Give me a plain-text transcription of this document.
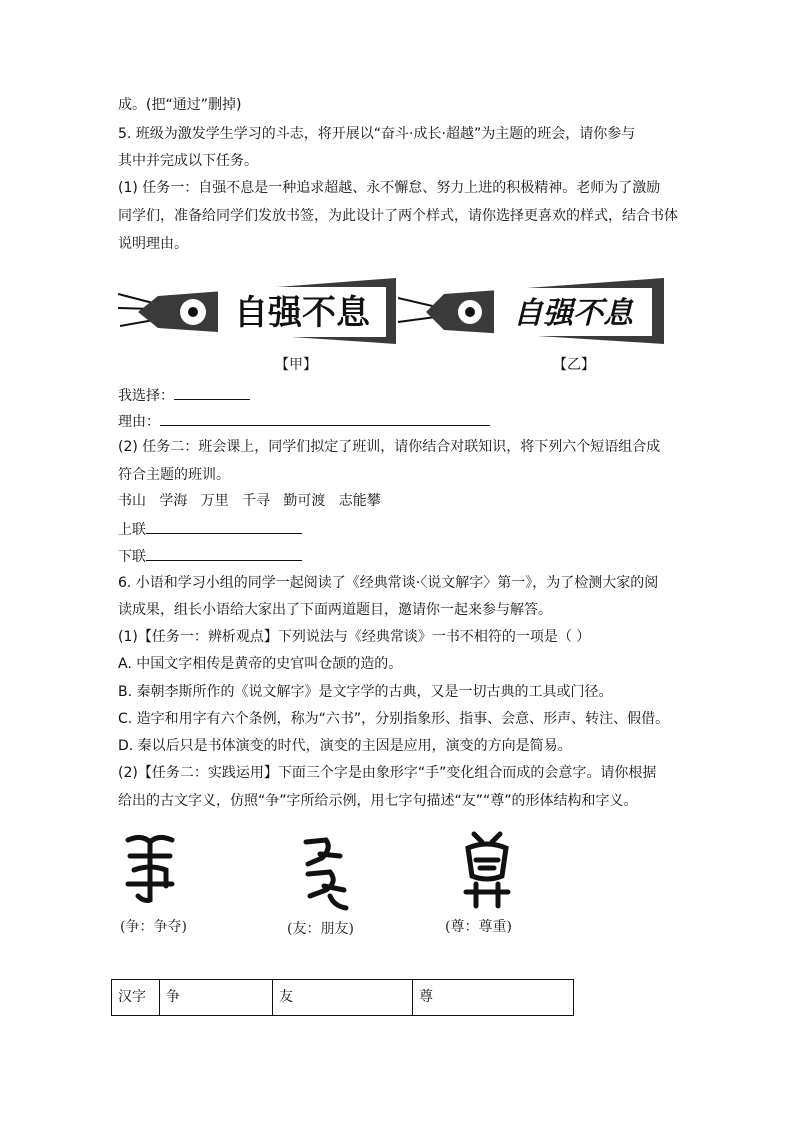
成。(把“通过”删掉)
5. 班级为激发学生学习的斗志，将开展以“奋斗·成长·超越”为主题的班会，请你参与
其中并完成以下任务。
(1) 任务一：自强不息是一种追求超越、永不懈怠、努力上进的积极精神。老师为了激励
同学们，准备给同学们发放书签，为此设计了两个样式，请你选择更喜欢的样式，结合书体
说明理由。
自强不息
【甲】
自强不息
【乙】
我选择：
理由：
(2) 任务二：班会课上，同学们拟定了班训，请你结合对联知识，将下列六个短语组合成
符合主题的班训。
书山   学海   万里   千寻   勤可渡   志能攀
上联
下联
6. 小语和学习小组的同学一起阅读了《经典常谈·〈说文解字〉第一》，为了检测大家的阅
读成果，组长小语给大家出了下面两道题目，邀请你一起来参与解答。
(1)【任务一：辨析观点】下列说法与《经典常谈》一书不相符的一项是（ ）
A. 中国文字相传是黄帝的史官叫仓颉的造的。
B. 秦朝李斯所作的《说文解字》是文字学的古典，又是一切古典的工具或门径。
C. 造字和用字有六个条例，称为“六书”，分别指象形、指事、会意、形声、转注、假借。
D. 秦以后只是书体演变的时代，演变的主因是应用，演变的方向是简易。
(2)【任务二：实践运用】下面三个字是由象形字“手”变化组合而成的会意字。请你根据
给出的古文字义，仿照“争”字所给示例，用七字句描述“友”“尊”的形体结构和字义。
(争：争夺)	(友：朋友)	(尊：尊重)
汉字	争	友	尊
